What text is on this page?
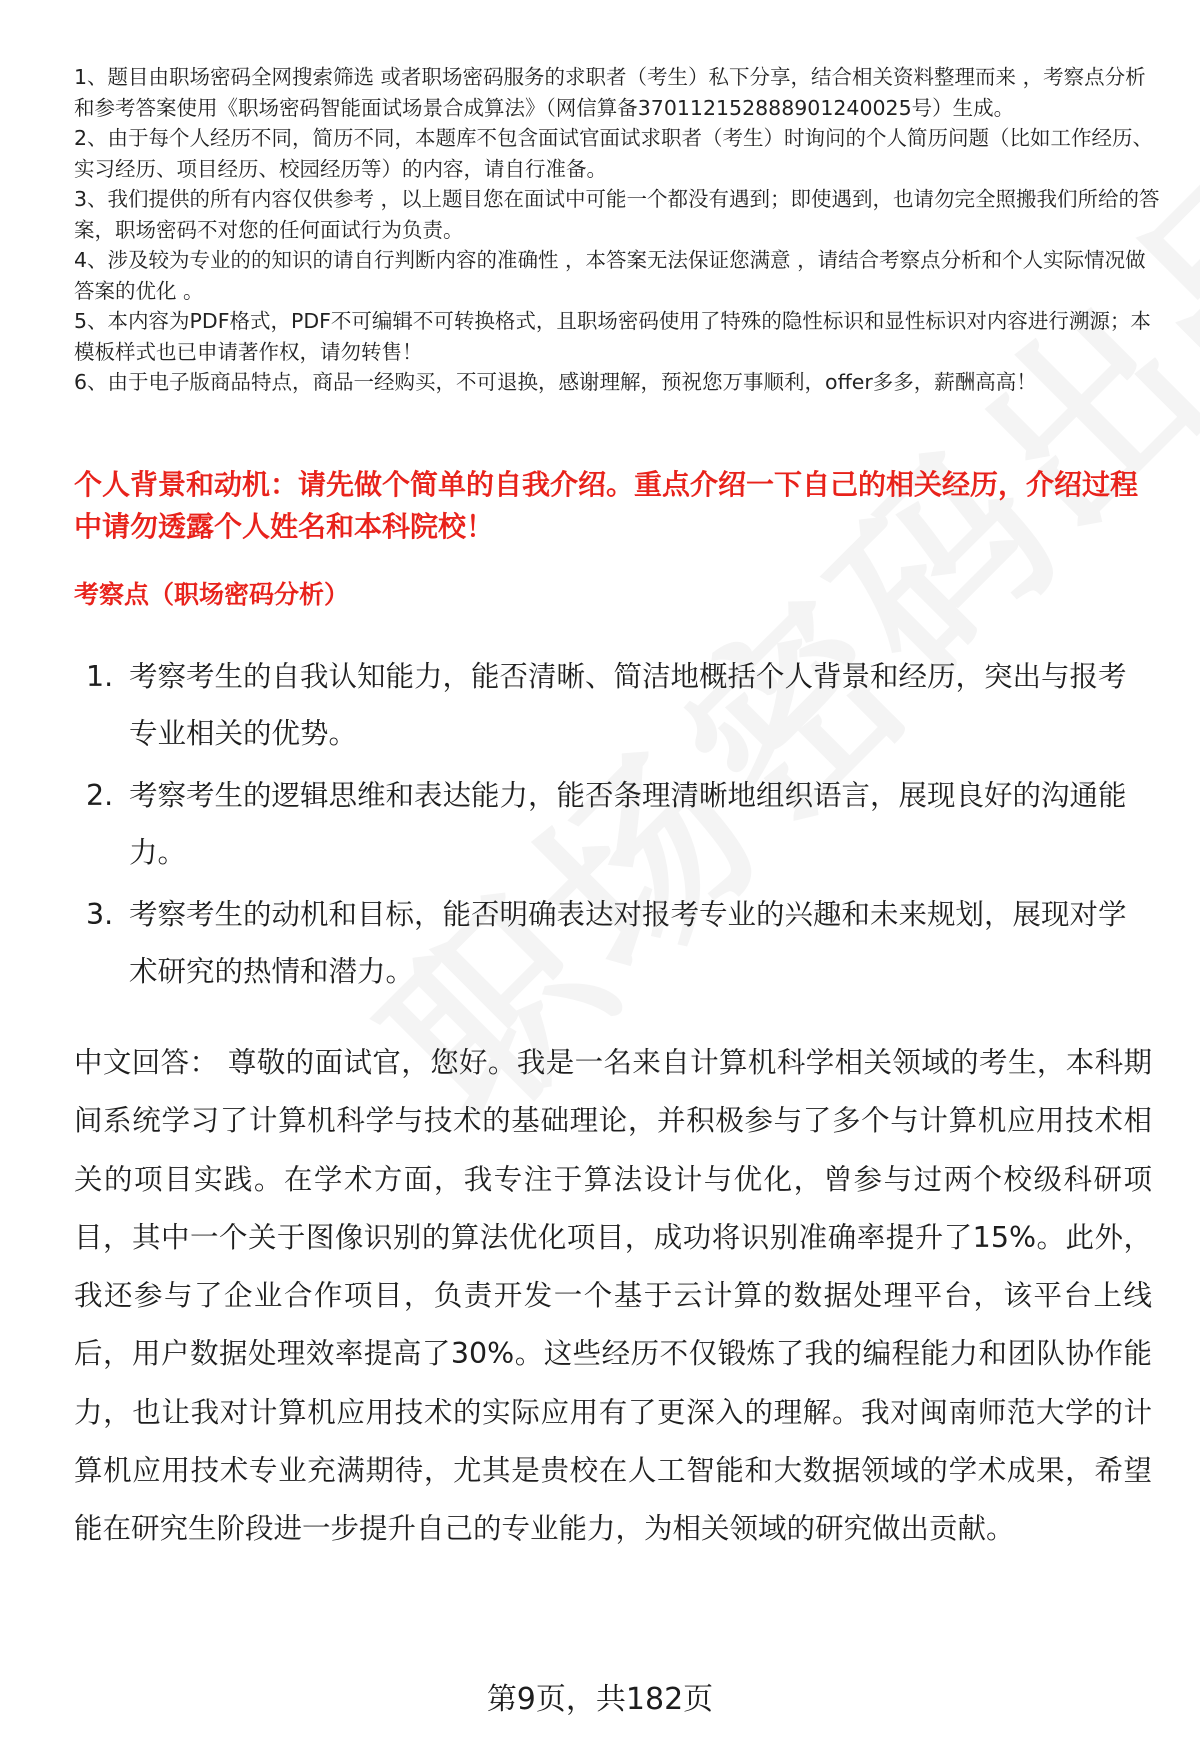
1、题目由职场密码全网搜索筛选 或者职场密码服务的求职者（考生）私下分享，结合相关资料整理而来 ，考察点分析和参考答案使用《职场密码智能面试场景合成算法》（网信算备370112152888901240025号）生成。

2、由于每个人经历不同，简历不同，本题库不包含面试官面试求职者（考生）时询问的个人简历问题（比如工作经历、实习经历、项目经历、校园经历等）的内容，请自行准备。

3、我们提供的所有内容仅供参考 ，以上题目您在面试中可能一个都没有遇到；即使遇到，也请勿完全照搬我们所给的答案，职场密码不对您的任何面试行为负责。

4、涉及较为专业的的知识的请自行判断内容的准确性 ，本答案无法保证您满意 ，请结合考察点分析和个人实际情况做答案的优化 。

5、本内容为PDF格式，PDF不可编辑不可转换格式，且职场密码使用了特殊的隐性标识和显性标识对内容进行溯源；本模板样式也已申请著作权，请勿转售！

6、由于电子版商品特点，商品一经购买，不可退换，感谢理解，预祝您万事顺利，offer多多，薪酬高高！

个人背景和动机：请先做个简单的自我介绍。重点介绍一下自己的相关经历，介绍过程中请勿透露个人姓名和本科院校！
考察点（职场密码分析）
1. 考察考生的自我认知能力，能否清晰、简洁地概括个人背景和经历，突出与报考专业相关的优势。
2. 考察考生的逻辑思维和表达能力，能否条理清晰地组织语言，展现良好的沟通能力。
3. 考察考生的动机和目标，能否明确表达对报考专业的兴趣和未来规划，展现对学术研究的热情和潜力。
中文回答： 尊敬的面试官，您好。我是一名来自计算机科学相关领域的考生，本科期间系统学习了计算机科学与技术的基础理论，并积极参与了多个与计算机应用技术相关的项目实践。在学术方面，我专注于算法设计与优化，曾参与过两个校级科研项目，其中一个关于图像识别的算法优化项目，成功将识别准确率提升了15%。此外，我还参与了企业合作项目，负责开发一个基于云计算的数据处理平台，该平台上线后，用户数据处理效率提高了30%。这些经历不仅锻炼了我的编程能力和团队协作能力，也让我对计算机应用技术的实际应用有了更深入的理解。我对闽南师范大学的计算机应用技术专业充满期待，尤其是贵校在人工智能和大数据领域的学术成果，希望能在研究生阶段进一步提升自己的专业能力，为相关领域的研究做出贡献。
第9页，共182页
